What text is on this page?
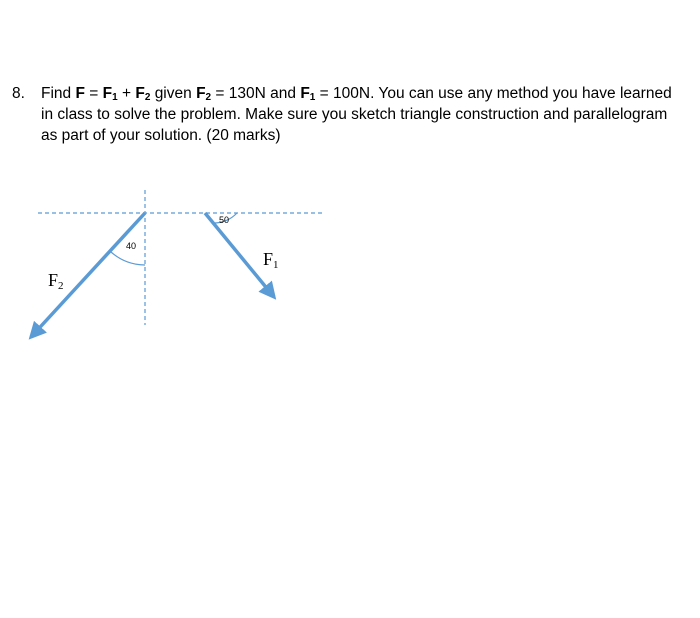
8. Find $F = F_1 + F_2$ given $F_2 = 130N$ and $F_1 = 100N$. You can use any method you have learned
in class to solve the problem. Make sure you sketch triangle construction and parallelogram
as part of your solution. (20 marks)
40
50
F1
F2
